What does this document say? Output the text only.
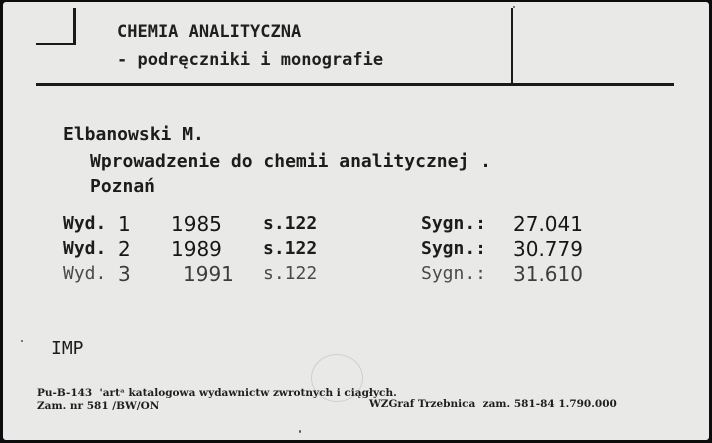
CHEMIA ANALITYCZNA
- podręczniki i monografie
Elbanowski M.
Wprowadzenie do chemii analitycznej .
Poznań
Wyd. 1 1985 s.122	Sygn.: 27.041
Wyd. 2 1989 s.122	Sygn.: 30.779
Wyd. 3	1991 s.122	Sygn.: 31.610
IMP
Pu-B-143  'artᵃ katalogowa wydawnictw zwrotnych i ciągłych.
Zam. nr 581 /BW/ON	WZGraf Trzebnica  zam. 581-84 1.790.000
